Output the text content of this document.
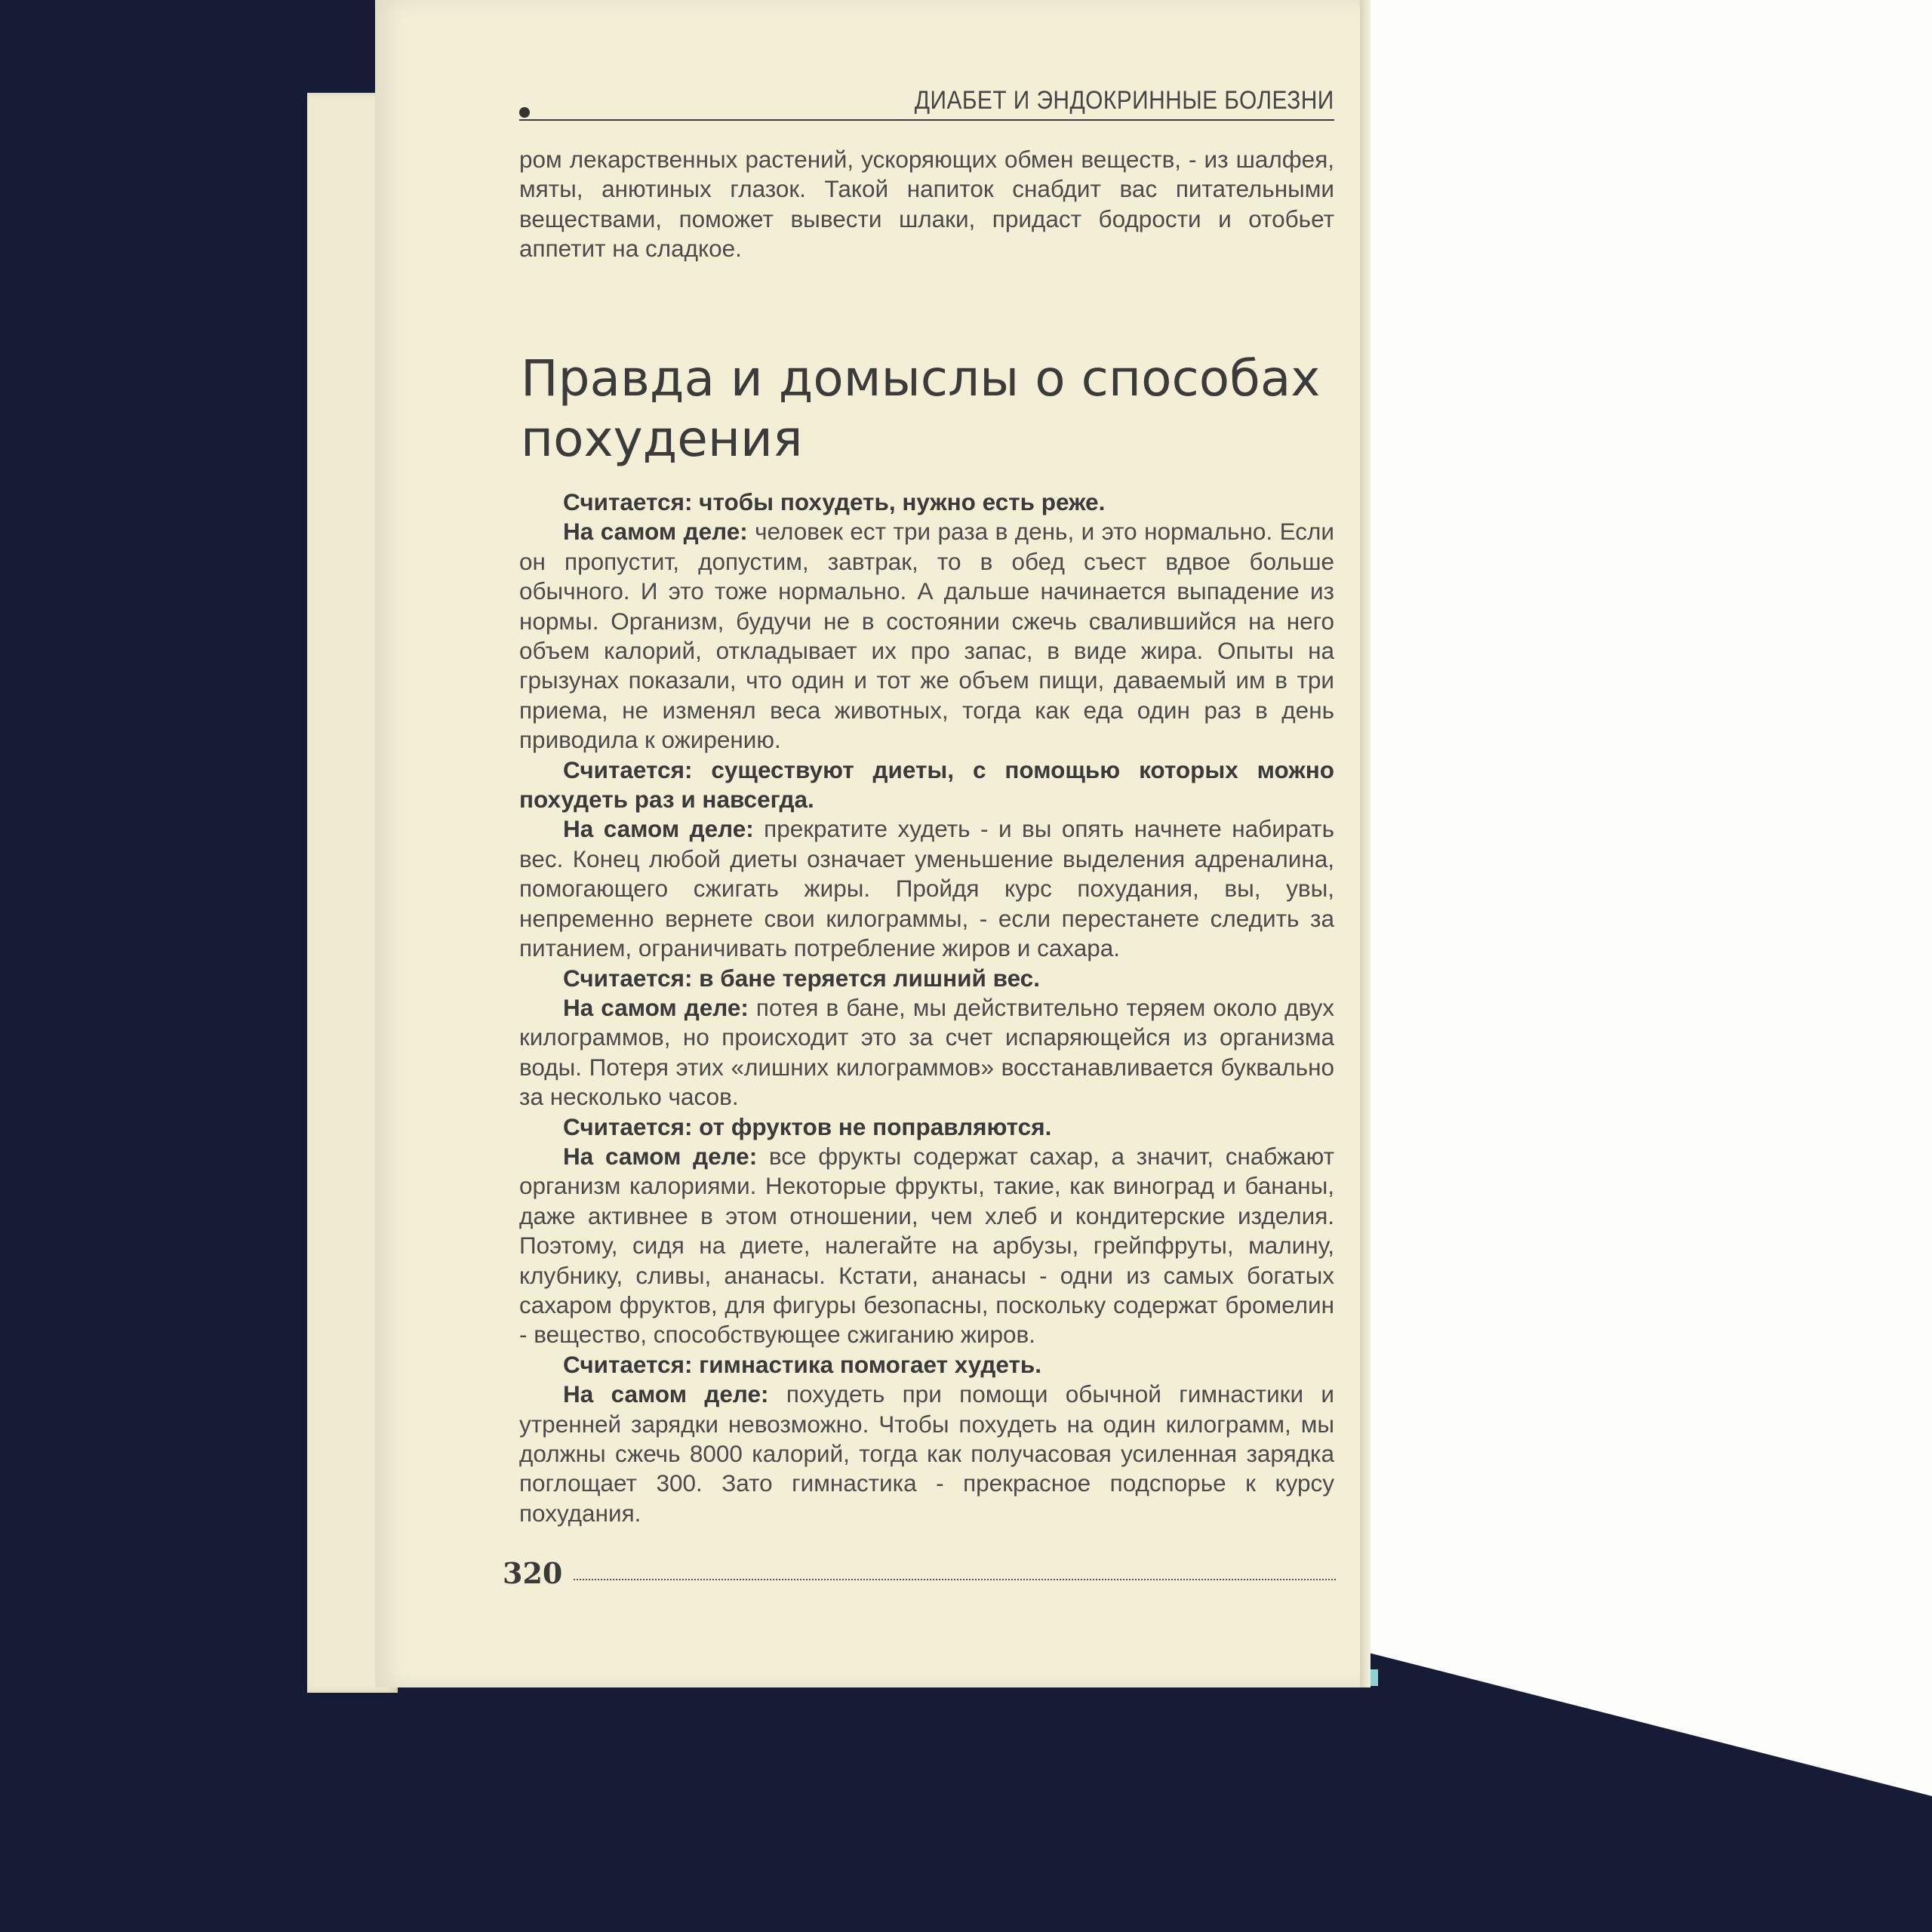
ДИАБЕТ И ЭНДОКРИННЫЕ БОЛЕЗНИ

ром лекарственных растений, ускоряющих обмен веществ, - из шалфея, мяты, анютиных глазок. Такой напиток снабдит вас питательными веществами, поможет вывести шлаки, придаст бодрости и отобьет аппетит на сладкое.

Правда и домыслы о способах похудения

Считается: чтобы похудеть, нужно есть реже.

На самом деле: человек ест три раза в день, и это нормально. Если он пропустит, допустим, завтрак, то в обед съест вдвое больше обычного. И это тоже нормально. А дальше начинается выпадение из нормы. Организм, будучи не в состоянии сжечь свалившийся на него объем калорий, откладывает их про запас, в виде жира. Опыты на грызунах показали, что один и тот же объем пищи, даваемый им в три приема, не изменял веса животных, тогда как еда один раз в день приводила к ожирению.

Считается: существуют диеты, с помощью которых можно похудеть раз и навсегда.

На самом деле: прекратите худеть - и вы опять начнете набирать вес. Конец любой диеты означает уменьшение выделения адреналина, помогающего сжигать жиры. Пройдя курс похудания, вы, увы, непременно вернете свои килограммы, - если перестанете следить за питанием, ограничивать потребление жиров и сахара.

Считается: в бане теряется лишний вес.

На самом деле: потея в бане, мы действительно теряем около двух килограммов, но происходит это за счет испаряющейся из организма воды. Потеря этих «лишних килограммов» восстанавливается буквально за несколько часов.

Считается: от фруктов не поправляются.

На самом деле: все фрукты содержат сахар, а значит, снабжают организм калориями. Некоторые фрукты, такие, как виноград и бананы, даже активнее в этом отношении, чем хлеб и кондитерские изделия. Поэтому, сидя на диете, налегайте на арбузы, грейпфруты, малину, клубнику, сливы, ананасы. Кстати, ананасы - одни из самых богатых сахаром фруктов, для фигуры безопасны, поскольку содержат бромелин - вещество, способствующее сжиганию жиров.

Считается: гимнастика помогает худеть.

На самом деле: похудеть при помощи обычной гимнастики и утренней зарядки невозможно. Чтобы похудеть на один килограмм, мы должны сжечь 8000 калорий, тогда как получасовая усиленная зарядка поглощает 300. Зато гимнастика - прекрасное подспорье к курсу похудания.

320
